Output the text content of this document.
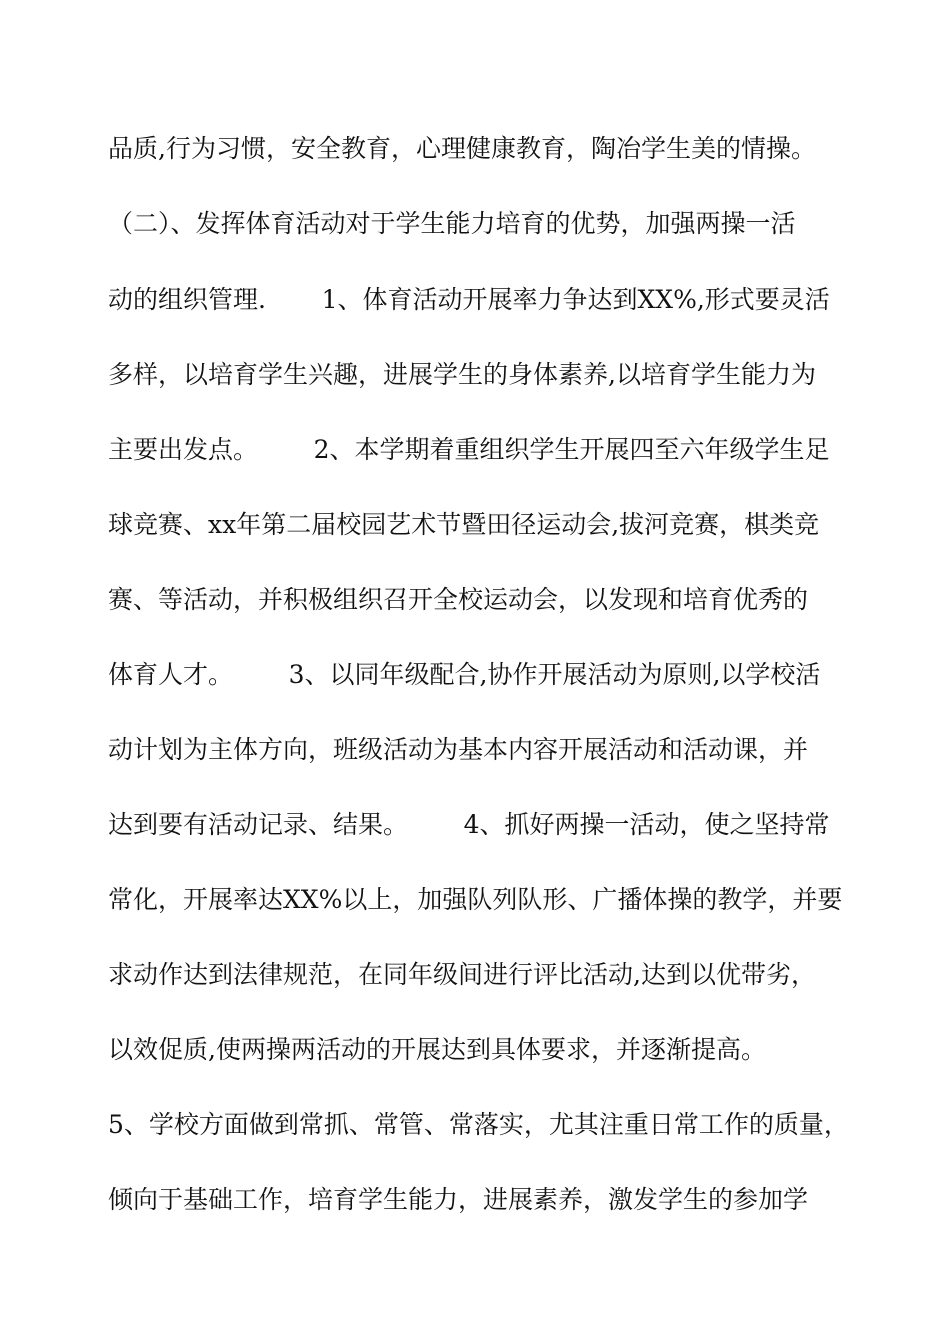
品质,行为习惯，安全教育，心理健康教育，陶冶学生美的情操。
（二）、发挥体育活动对于学生能力培育的优势，加强两操一活
动的组织管理.       1、体育活动开展率力争达到XX%,形式要灵活
多样，以培育学生兴趣，进展学生的身体素养,以培育学生能力为
主要出发点。       2、本学期着重组织学生开展四至六年级学生足
球竞赛、xx年第二届校园艺术节暨田径运动会,拔河竞赛，棋类竞
赛、等活动，并积极组织召开全校运动会，以发现和培育优秀的
体育人才。       3、以同年级配合,协作开展活动为原则,以学校活
动计划为主体方向，班级活动为基本内容开展活动和活动课，并
达到要有活动记录、结果。       4、抓好两操一活动，使之坚持常
常化，开展率达XX%以上，加强队列队形、广播体操的教学，并要
求动作达到法律规范，在同年级间进行评比活动,达到以优带劣，
以效促质,使两操两活动的开展达到具体要求，并逐渐提高。
5、学校方面做到常抓、常管、常落实，尤其注重日常工作的质量，
倾向于基础工作，培育学生能力，进展素养，激发学生的参加学
